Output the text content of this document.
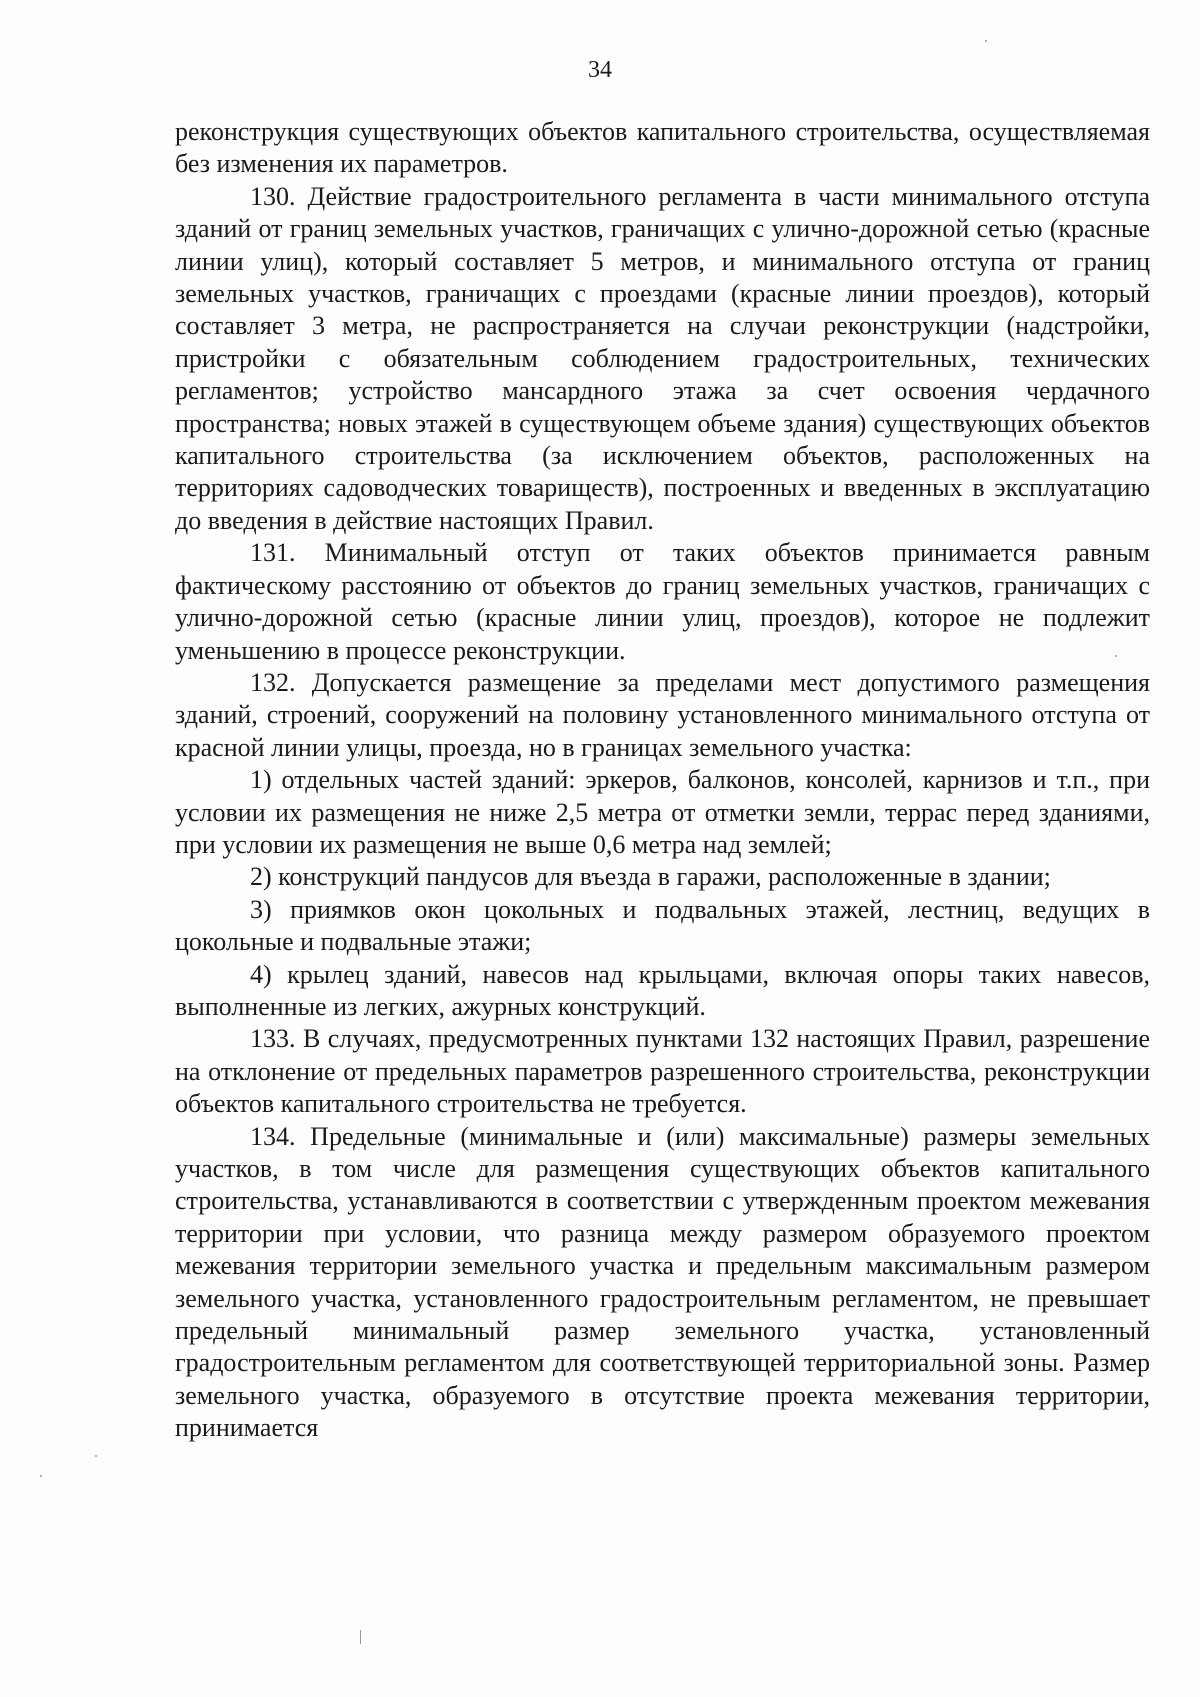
34

реконструкция существующих объектов капитального строительства, осуществляемая без изменения их параметров.

130. Действие градостроительного регламента в части минимального отступа зданий от границ земельных участков, граничащих с улично-дорожной сетью (красные линии улиц), который составляет 5 метров, и минимального отступа от границ земельных участков, граничащих с проездами (красные линии проездов), который составляет 3 метра, не распространяется на случаи реконструкции (надстройки, пристройки с обязательным соблюдением градостроительных, технических регламентов; устройство мансардного этажа за счет освоения чердачного пространства; новых этажей в существующем объеме здания) существующих объектов капитального строительства (за исключением объектов, расположенных на территориях садоводческих товариществ), построенных и введенных в эксплуатацию до введения в действие настоящих Правил.

131. Минимальный отступ от таких объектов принимается равным фактическому расстоянию от объектов до границ земельных участков, граничащих с улично-дорожной сетью (красные линии улиц, проездов), которое не подлежит уменьшению в процессе реконструкции.

132. Допускается размещение за пределами мест допустимого размещения зданий, строений, сооружений на половину установленного минимального отступа от красной линии улицы, проезда, но в границах земельного участка:

1) отдельных частей зданий: эркеров, балконов, консолей, карнизов и т.п., при условии их размещения не ниже 2,5 метра от отметки земли, террас перед зданиями, при условии их размещения не выше 0,6 метра над землей;

2) конструкций пандусов для въезда в гаражи, расположенные в здании;

3) приямков окон цокольных и подвальных этажей, лестниц, ведущих в цокольные и подвальные этажи;

4) крылец зданий, навесов над крыльцами, включая опоры таких навесов, выполненные из легких, ажурных конструкций.

133. В случаях, предусмотренных пунктами 132 настоящих Правил, разрешение на отклонение от предельных параметров разрешенного строительства, реконструкции объектов капитального строительства не требуется.

134. Предельные (минимальные и (или) максимальные) размеры земельных участков, в том числе для размещения существующих объектов капитального строительства, устанавливаются в соответствии с утвержденным проектом межевания территории при условии, что разница между размером образуемого проектом межевания территории земельного участка и предельным максимальным размером земельного участка, установленного градостроительным регламентом, не превышает предельный минимальный размер земельного участка, установленный градостроительным регламентом для соответствующей территориальной зоны. Размер земельного участка, образуемого в отсутствие проекта межевания территории, принимается
